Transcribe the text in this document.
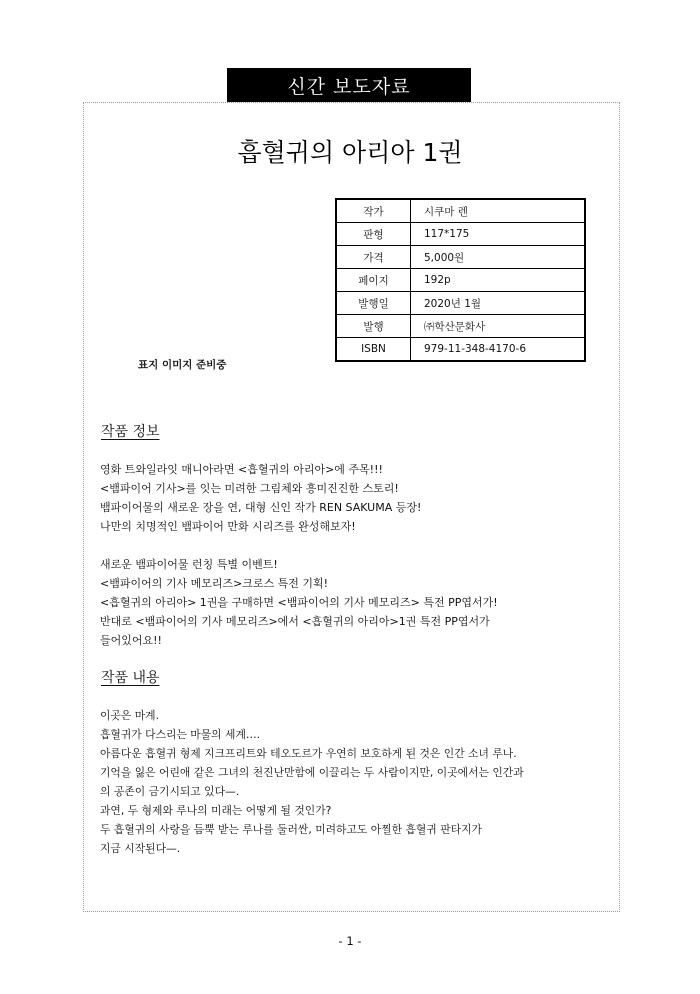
신간 보도자료
흡혈귀의 아리아 1권
작가	시쿠마 렌
판형	117*175
가격	5,000원
페이지	192p
발행일	2020년 1월
발행	㈜학산문화사
ISBN	979-11-348-4170-6
표지 이미지 준비중
작품 정보
영화 트와일라잇 매니아라면 <흡혈귀의 아리아>에 주목!!!
<뱀파이어 기사>를 잇는 미려한 그림체와 흥미진진한 스토리!
뱀파이어물의 새로운 장을 연, 대형 신인 작가 REN SAKUMA 등장!
나만의 치명적인 뱀파이어 만화 시리즈를 완성해보자!
새로운 뱀파이어물 런칭 특별 이벤트!
<뱀파이어의 기사 메모리즈>크로스 특전 기획!
<흡혈귀의 아리아> 1권을 구매하면 <뱀파이어의 기사 메모리즈> 특전 PP엽서가!
반대로 <뱀파이어의 기사 메모리즈>에서 <흡혈귀의 아리아>1권 특전 PP엽서가
들어있어요!!
작품 내용
이곳은 마계.
흡혈귀가 다스리는 마물의 세계….
아름다운 흡혈귀 형제 지크프리트와 테오도르가 우연히 보호하게 된 것은 인간 소녀 루나.
기억을 잃은 어린애 같은 그녀의 천진난만함에 이끌리는 두 사람이지만, 이곳에서는 인간과
의 공존이 금기시되고 있다—.
과연, 두 형제와 루나의 미래는 어떻게 될 것인가?
두 흡혈귀의 사랑을 듬뿍 받는 루나를 둘러싼, 미려하고도 아찔한 흡혈귀 판타지가
지금 시작된다—.
- 1 -
